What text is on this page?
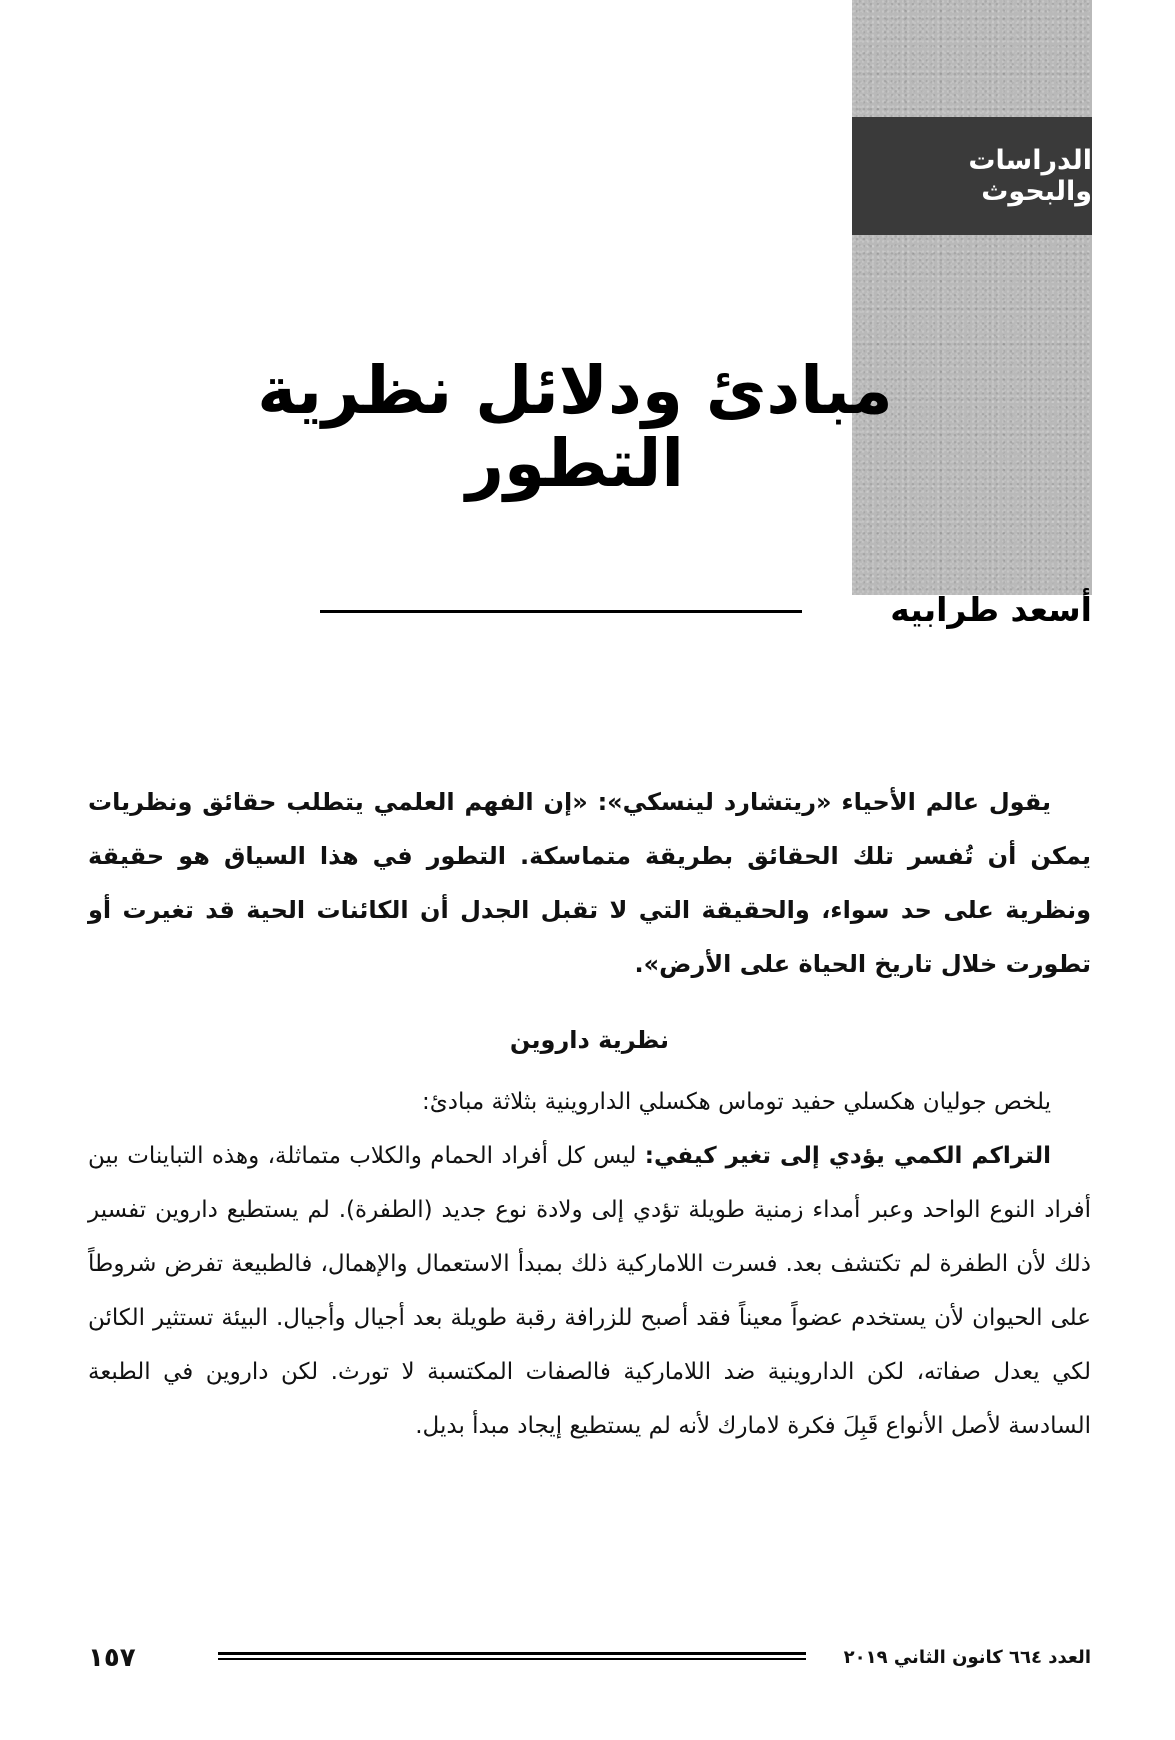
الدراسات والبحوث
مبادئ ودلائل نظرية التطور
أسعد طرابيه

يقول عالم الأحياء «ريتشارد لينسكي»: «إن الفهم العلمي يتطلب حقائق ونظريات يمكن أن تُفسر تلك الحقائق بطريقة متماسكة. التطور في هذا السياق هو حقيقة ونظرية على حد سواء، والحقيقة التي لا تقبل الجدل أن الكائنات الحية قد تغيرت أو تطورت خلال تاريخ الحياة على الأرض».

نظرية داروين

يلخص جوليان هكسلي حفيد توماس هكسلي الداروينية بثلاثة مبادئ:

التراكم الكمي يؤدي إلى تغير كيفي: ليس كل أفراد الحمام والكلاب متماثلة، وهذه التباينات بين أفراد النوع الواحد وعبر أمداء زمنية طويلة تؤدي إلى ولادة نوع جديد (الطفرة). لم يستطيع داروين تفسير ذلك لأن الطفرة لم تكتشف بعد. فسرت اللاماركية ذلك بمبدأ الاستعمال والإهمال، فالطبيعة تفرض شروطاً على الحيوان لأن يستخدم عضواً معيناً فقد أصبح للزرافة رقبة طويلة بعد أجيال وأجيال. البيئة تستثير الكائن لكي يعدل صفاته، لكن الداروينية ضد اللاماركية فالصفات المكتسبة لا تورث. لكن داروين في الطبعة السادسة لأصل الأنواع قَبِلَ فكرة لامارك لأنه لم يستطيع إيجاد مبدأ بديل.

١٥٧	العدد ٦٦٤ كانون الثاني ٢٠١٩
